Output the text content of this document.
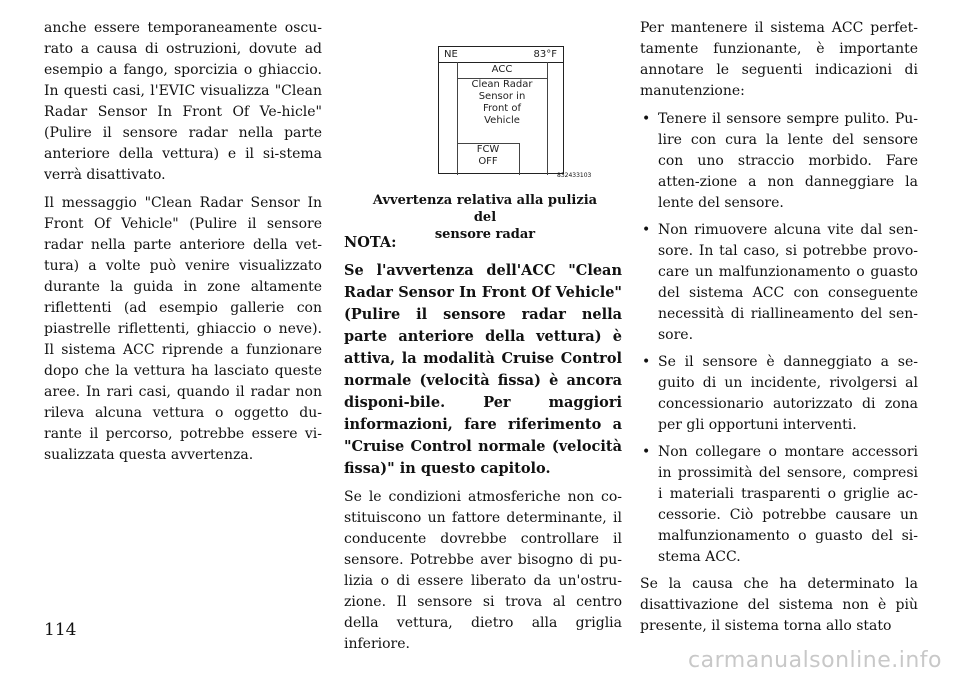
anche essere temporaneamente oscu-rato a causa di ostruzioni, dovute ad esempio a fango, sporcizia o ghiaccio. In questi casi, l'EVIC visualizza "Clean Radar Sensor In Front Of Ve-hicle" (Pulire il sensore radar nella parte anteriore della vettura) e il si-stema verrà disattivato.

Il messaggio "Clean Radar Sensor In Front Of Vehicle" (Pulire il sensore radar nella parte anteriore della vet-tura) a volte può venire visualizzato durante la guida in zone altamente riflettenti (ad esempio gallerie con piastrelle riflettenti, ghiaccio o neve). Il sistema ACC riprende a funzionare dopo che la vettura ha lasciato queste aree. In rari casi, quando il radar non rileva alcuna vettura o oggetto du-rante il percorso, potrebbe essere vi-sualizzata questa avvertenza.

NE	83°F
ACC
Clean Radar
Sensor in
Front of
Vehicle
FCW
OFF
832433103
Avvertenza relativa alla pulizia del
sensore radar

NOTA:

Se l'avvertenza dell'ACC "Clean Radar Sensor In Front Of Vehicle" (Pulire il sensore radar nella parte anteriore della vettura) è attiva, la modalità Cruise Control normale (velocità fissa) è ancora disponi-bile. Per maggiori informazioni, fare riferimento a "Cruise Control normale (velocità fissa)" in questo capitolo.

Se le condizioni atmosferiche non co-stituiscono un fattore determinante, il conducente dovrebbe controllare il sensore. Potrebbe aver bisogno di pu-lizia o di essere liberato da un'ostru-zione. Il sensore si trova al centro della vettura, dietro alla griglia inferiore.

Per mantenere il sistema ACC perfet-tamente funzionante, è importante annotare le seguenti indicazioni di manutenzione:

• Tenere il sensore sempre pulito. Pu-lire con cura la lente del sensore con uno straccio morbido. Fare atten-zione a non danneggiare la lente del sensore.
• Non rimuovere alcuna vite dal sen-sore. In tal caso, si potrebbe provo-care un malfunzionamento o guasto del sistema ACC con conseguente necessità di riallineamento del sen-sore.
• Se il sensore è danneggiato a se-guito di un incidente, rivolgersi al concessionario autorizzato di zona per gli opportuni interventi.
• Non collegare o montare accessori in prossimità del sensore, compresi i materiali trasparenti o griglie ac-cessorie. Ciò potrebbe causare un malfunzionamento o guasto del si-stema ACC.

Se la causa che ha determinato la disattivazione del sistema non è più presente, il sistema torna allo stato

114
carmanualsonline.info
